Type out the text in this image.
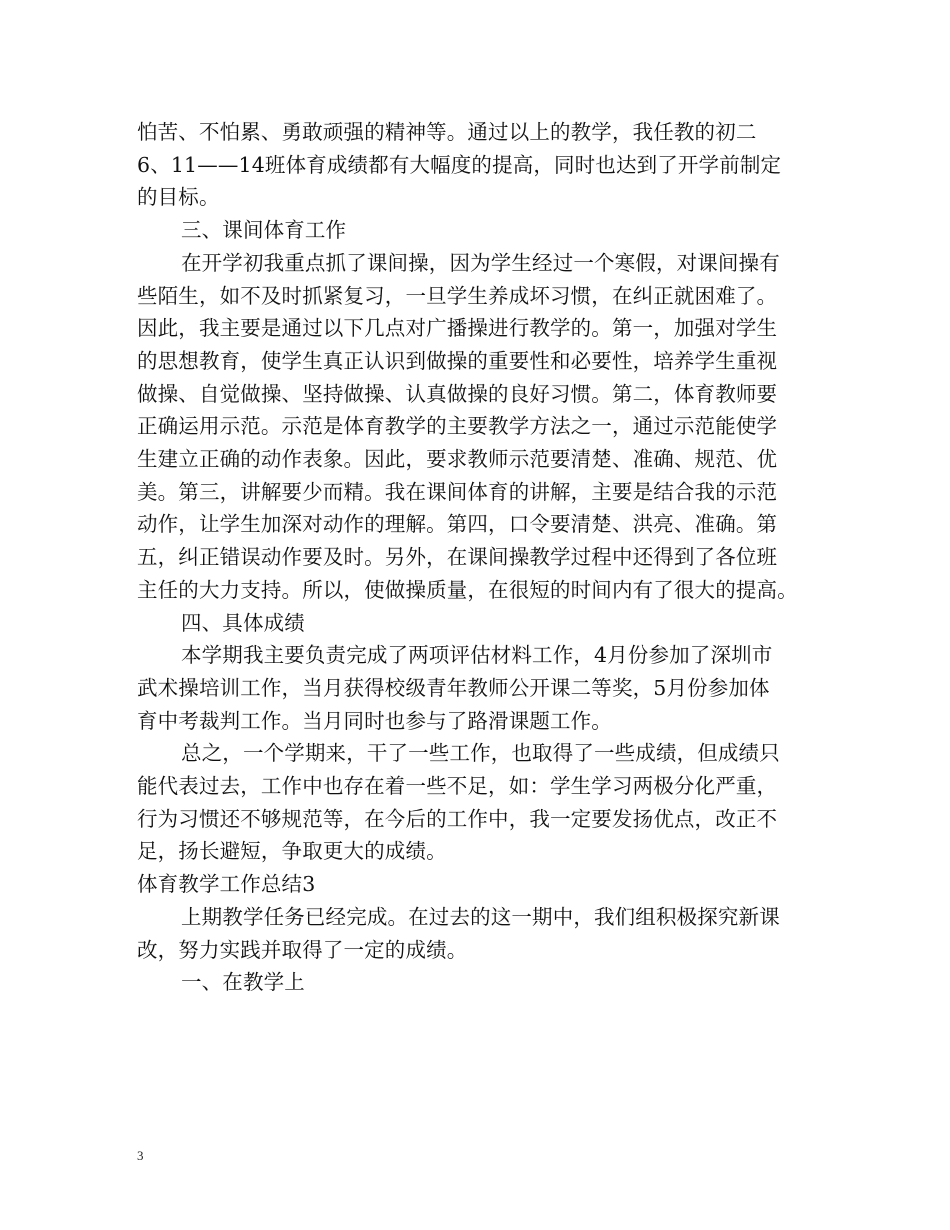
怕苦、不怕累、勇敢顽强的精神等。通过以上的教学，我任教的初二

6、11——14班体育成绩都有大幅度的提高，同时也达到了开学前制定

的目标。

三、课间体育工作

在开学初我重点抓了课间操，因为学生经过一个寒假，对课间操有

些陌生，如不及时抓紧复习，一旦学生养成坏习惯，在纠正就困难了。

因此，我主要是通过以下几点对广播操进行教学的。第一，加强对学生

的思想教育，使学生真正认识到做操的重要性和必要性，培养学生重视

做操、自觉做操、坚持做操、认真做操的良好习惯。第二，体育教师要

正确运用示范。示范是体育教学的主要教学方法之一，通过示范能使学

生建立正确的动作表象。因此，要求教师示范要清楚、准确、规范、优

美。第三，讲解要少而精。我在课间体育的讲解，主要是结合我的示范

动作，让学生加深对动作的理解。第四，口令要清楚、洪亮、准确。第

五，纠正错误动作要及时。另外，在课间操教学过程中还得到了各位班

主任的大力支持。所以，使做操质量，在很短的时间内有了很大的提高。

四、具体成绩

本学期我主要负责完成了两项评估材料工作，4月份参加了深圳市

武术操培训工作，当月获得校级青年教师公开课二等奖，5月份参加体

育中考裁判工作。当月同时也参与了路滑课题工作。

总之，一个学期来，干了一些工作，也取得了一些成绩，但成绩只

能代表过去，工作中也存在着一些不足，如：学生学习两极分化严重，

行为习惯还不够规范等，在今后的工作中，我一定要发扬优点，改正不

足，扬长避短，争取更大的成绩。

体育教学工作总结3

上期教学任务已经完成。在过去的这一期中，我们组积极探究新课

改，努力实践并取得了一定的成绩。

一、在教学上

3
